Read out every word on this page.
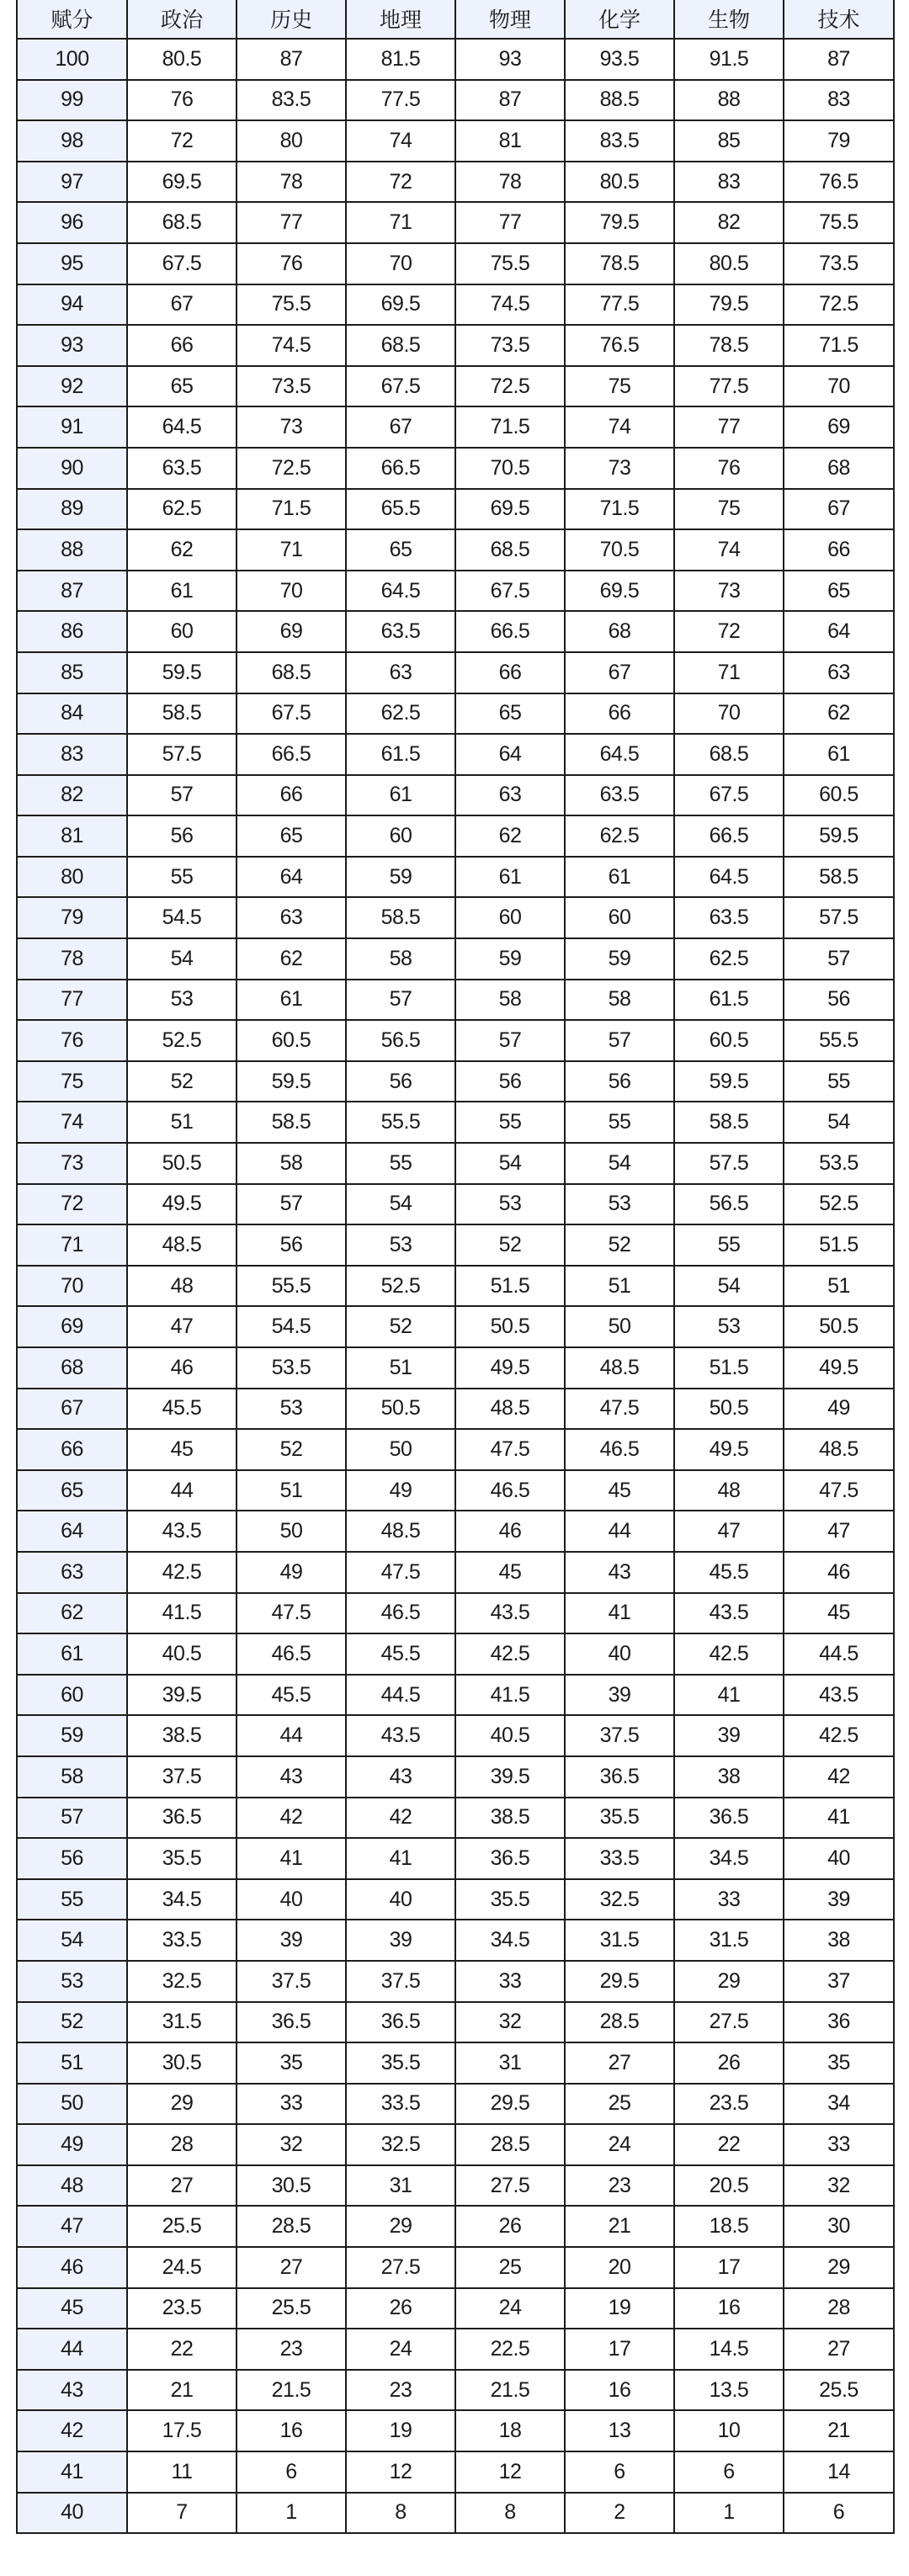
赋分	政治	历史	地理	物理	化学	生物	技术
100	80.5	87	81.5	93	93.5	91.5	87
99	76	83.5	77.5	87	88.5	88	83
98	72	80	74	81	83.5	85	79
97	69.5	78	72	78	80.5	83	76.5
96	68.5	77	71	77	79.5	82	75.5
95	67.5	76	70	75.5	78.5	80.5	73.5
94	67	75.5	69.5	74.5	77.5	79.5	72.5
93	66	74.5	68.5	73.5	76.5	78.5	71.5
92	65	73.5	67.5	72.5	75	77.5	70
91	64.5	73	67	71.5	74	77	69
90	63.5	72.5	66.5	70.5	73	76	68
89	62.5	71.5	65.5	69.5	71.5	75	67
88	62	71	65	68.5	70.5	74	66
87	61	70	64.5	67.5	69.5	73	65
86	60	69	63.5	66.5	68	72	64
85	59.5	68.5	63	66	67	71	63
84	58.5	67.5	62.5	65	66	70	62
83	57.5	66.5	61.5	64	64.5	68.5	61
82	57	66	61	63	63.5	67.5	60.5
81	56	65	60	62	62.5	66.5	59.5
80	55	64	59	61	61	64.5	58.5
79	54.5	63	58.5	60	60	63.5	57.5
78	54	62	58	59	59	62.5	57
77	53	61	57	58	58	61.5	56
76	52.5	60.5	56.5	57	57	60.5	55.5
75	52	59.5	56	56	56	59.5	55
74	51	58.5	55.5	55	55	58.5	54
73	50.5	58	55	54	54	57.5	53.5
72	49.5	57	54	53	53	56.5	52.5
71	48.5	56	53	52	52	55	51.5
70	48	55.5	52.5	51.5	51	54	51
69	47	54.5	52	50.5	50	53	50.5
68	46	53.5	51	49.5	48.5	51.5	49.5
67	45.5	53	50.5	48.5	47.5	50.5	49
66	45	52	50	47.5	46.5	49.5	48.5
65	44	51	49	46.5	45	48	47.5
64	43.5	50	48.5	46	44	47	47
63	42.5	49	47.5	45	43	45.5	46
62	41.5	47.5	46.5	43.5	41	43.5	45
61	40.5	46.5	45.5	42.5	40	42.5	44.5
60	39.5	45.5	44.5	41.5	39	41	43.5
59	38.5	44	43.5	40.5	37.5	39	42.5
58	37.5	43	43	39.5	36.5	38	42
57	36.5	42	42	38.5	35.5	36.5	41
56	35.5	41	41	36.5	33.5	34.5	40
55	34.5	40	40	35.5	32.5	33	39
54	33.5	39	39	34.5	31.5	31.5	38
53	32.5	37.5	37.5	33	29.5	29	37
52	31.5	36.5	36.5	32	28.5	27.5	36
51	30.5	35	35.5	31	27	26	35
50	29	33	33.5	29.5	25	23.5	34
49	28	32	32.5	28.5	24	22	33
48	27	30.5	31	27.5	23	20.5	32
47	25.5	28.5	29	26	21	18.5	30
46	24.5	27	27.5	25	20	17	29
45	23.5	25.5	26	24	19	16	28
44	22	23	24	22.5	17	14.5	27
43	21	21.5	23	21.5	16	13.5	25.5
42	17.5	16	19	18	13	10	21
41	11	6	12	12	6	6	14
40	7	1	8	8	2	1	6
